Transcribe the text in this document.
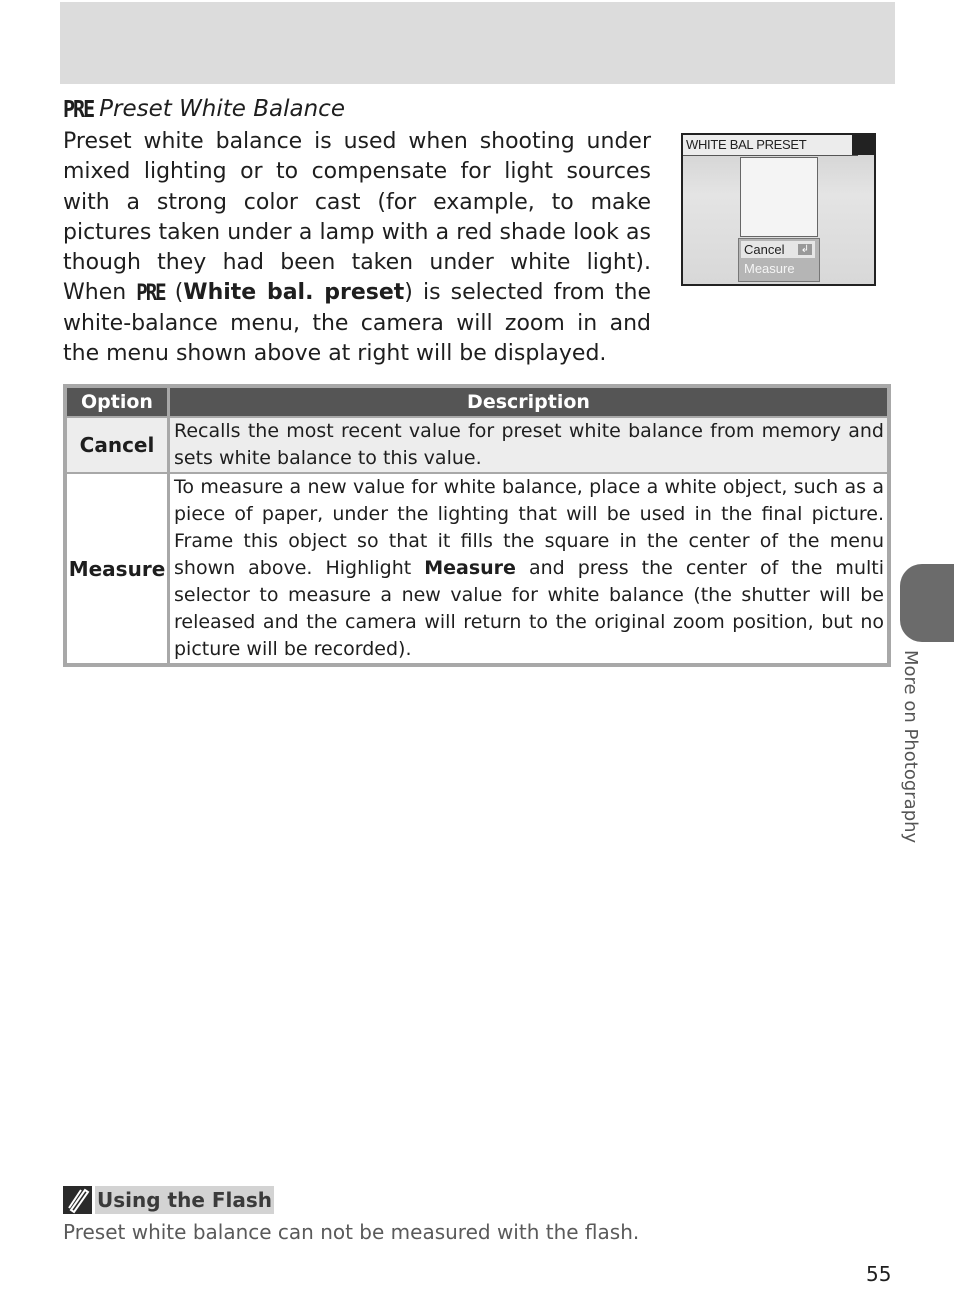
PRE Preset White Balance
Preset white balance is used when shooting under mixed lighting or to compensate for light sources with a strong color cast (for example, to make pictures taken under a lamp with a red shade look as though they had been taken under white light). When PRE (White bal. preset) is selected from the white-balance menu, the camera will zoom in and the menu shown above at right will be displayed.
WHITE BAL PRESET
Cancel ↲
Measure
Option	Description
Cancel	Recalls the most recent value for preset white balance from memory and sets white balance to this value.
Measure	To measure a new value for white balance, place a white object, such as a piece of paper, under the lighting that will be used in the final picture. Frame this object so that it fills the square in the center of the menu shown above. Highlight Measure and press the center of the multi selector to measure a new value for white balance (the shutter will be released and the camera will return to the original zoom position, but no picture will be recorded).
More on Photography
Using the Flash
Preset white balance can not be measured with the flash.
55
